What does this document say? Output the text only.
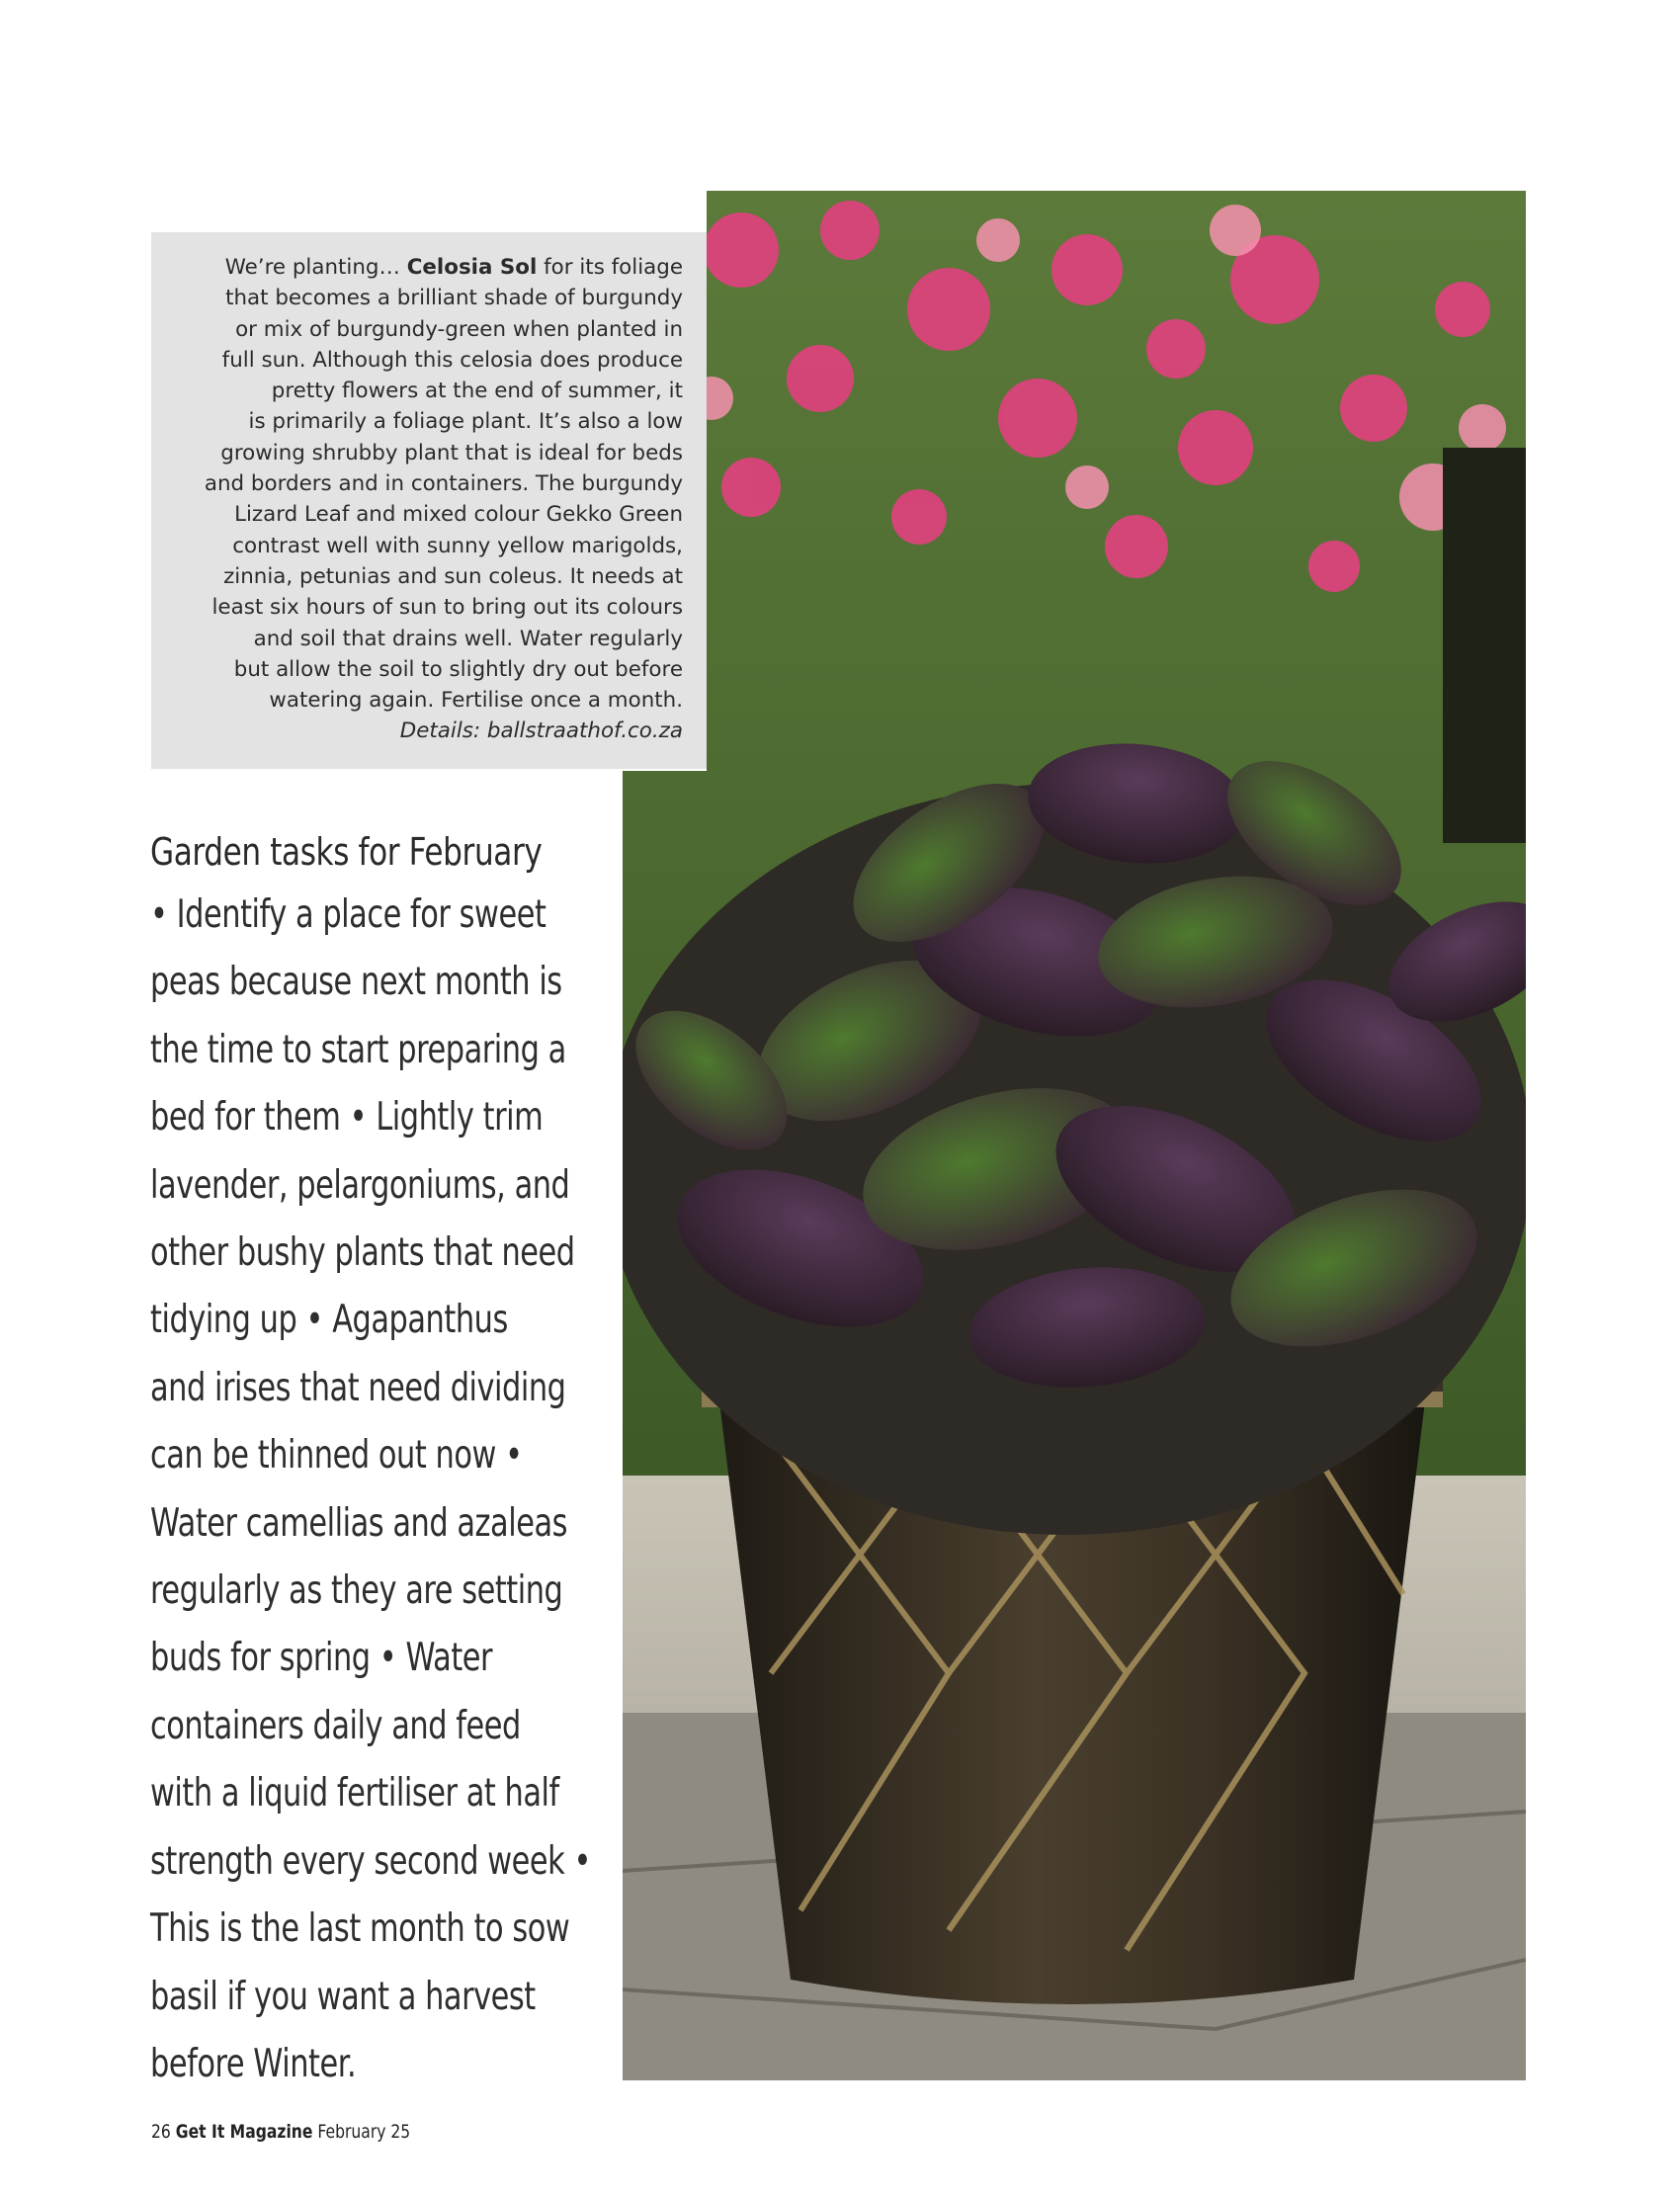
We’re planting… Celosia Sol for its foliage
that becomes a brilliant shade of burgundy
or mix of burgundy-green when planted in
full sun. Although this celosia does produce
pretty flowers at the end of summer, it
is primarily a foliage plant. It’s also a low
growing shrubby plant that is ideal for beds
and borders and in containers. The burgundy
Lizard Leaf and mixed colour Gekko Green
contrast well with sunny yellow marigolds,
zinnia, petunias and sun coleus. It needs at
least six hours of sun to bring out its colours
and soil that drains well. Water regularly
but allow the soil to slightly dry out before
watering again. Fertilise once a month.
Details: ballstraathof.co.za
Garden tasks for February
• Identify a place for sweet
peas because next month is
the time to start preparing a
bed for them • Lightly trim
lavender, pelargoniums, and
other bushy plants that need
tidying up • Agapanthus
and irises that need dividing
can be thinned out now •
Water camellias and azaleas
regularly as they are setting
buds for spring • Water
containers daily and feed
with a liquid fertiliser at half
strength every second week •
This is the last month to sow
basil if you want a harvest
before Winter.
26 Get It Magazine February 25
